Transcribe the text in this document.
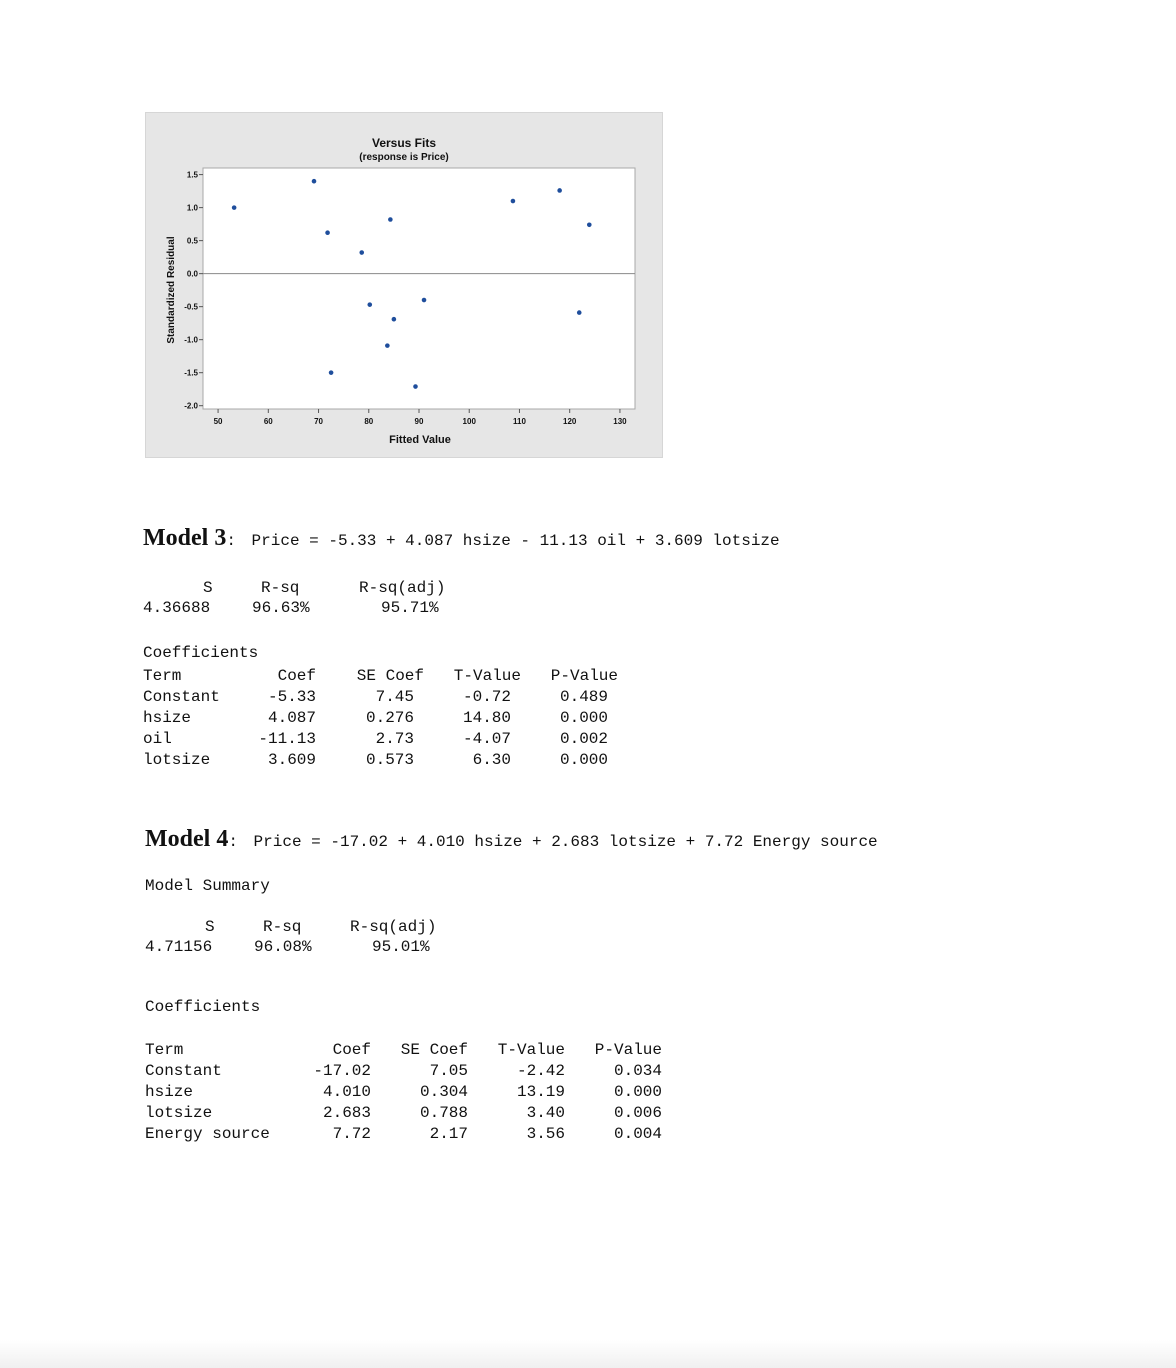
Versus Fits
(response is Price)
1.5
1.0
0.5
0.0
-0.5
-1.0
-1.5
-2.0
50	60	70	80	90	100	110	120	130
Fitted Value
Standardized Residual
Model 3: Price = -5.33 + 4.087 hsize - 11.13 oil + 3.609 lotsize
S	R-sq	R-sq(adj)
4.36688	96.63%	95.71%
Coefficients
Term	Coef	SE Coef	T-Value	P-Value
Constant	-5.33	7.45	-0.72	0.489
hsize	4.087	0.276	14.80	0.000
oil	-11.13	2.73	-4.07	0.002
lotsize	3.609	0.573	6.30	0.000
Model 4: Price = -17.02 + 4.010 hsize + 2.683 lotsize + 7.72 Energy source
Model Summary
S	R-sq	R-sq(adj)
4.71156	96.08%	95.01%
Coefficients
Term	Coef	SE Coef	T-Value	P-Value
Constant	-17.02	7.05	-2.42	0.034
hsize	4.010	0.304	13.19	0.000
lotsize	2.683	0.788	3.40	0.006
Energy source	7.72	2.17	3.56	0.004
